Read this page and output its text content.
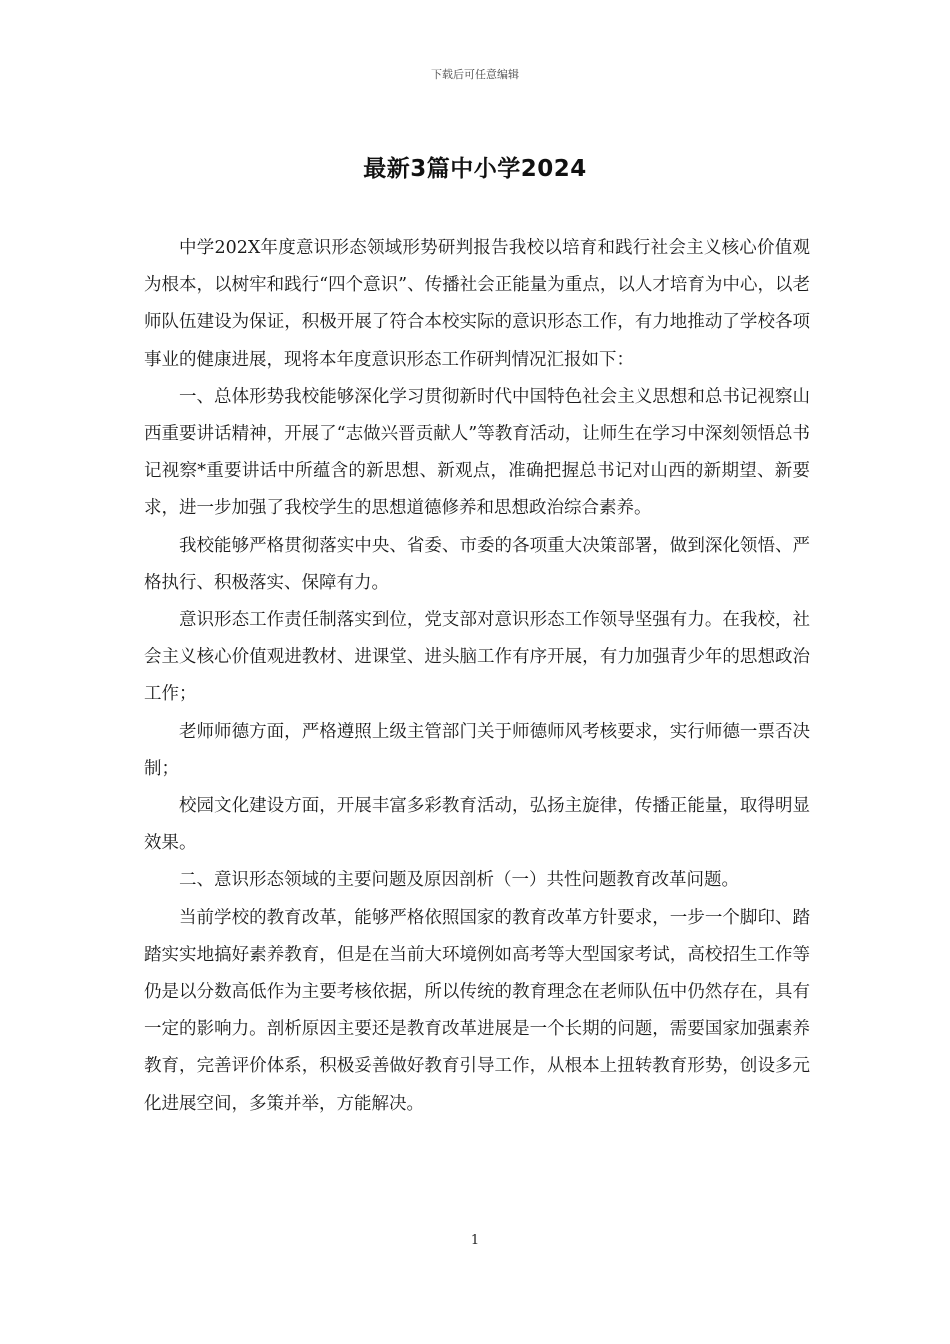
下载后可任意编辑
最新3篇中小学2024

中学202X年度意识形态领域形势研判报告我校以培育和践行社会主义核心价值观为根本，以树牢和践行“四个意识”、传播社会正能量为重点，以人才培育为中心，以老师队伍建设为保证，积极开展了符合本校实际的意识形态工作，有力地推动了学校各项事业的健康进展，现将本年度意识形态工作研判情况汇报如下：

一、总体形势我校能够深化学习贯彻新时代中国特色社会主义思想和总书记视察山西重要讲话精神，开展了“志做兴晋贡献人”等教育活动，让师生在学习中深刻领悟总书记视察*重要讲话中所蕴含的新思想、新观点，准确把握总书记对山西的新期望、新要求，进一步加强了我校学生的思想道德修养和思想政治综合素养。

我校能够严格贯彻落实中央、省委、市委的各项重大决策部署，做到深化领悟、严格执行、积极落实、保障有力。

意识形态工作责任制落实到位，党支部对意识形态工作领导坚强有力。在我校，社会主义核心价值观进教材、进课堂、进头脑工作有序开展，有力加强青少年的思想政治工作；

老师师德方面，严格遵照上级主管部门关于师德师风考核要求，实行师德一票否决制；

校园文化建设方面，开展丰富多彩教育活动，弘扬主旋律，传播正能量，取得明显效果。

二、意识形态领域的主要问题及原因剖析（一）共性问题教育改革问题。

当前学校的教育改革，能够严格依照国家的教育改革方针要求，一步一个脚印、踏踏实实地搞好素养教育，但是在当前大环境例如高考等大型国家考试，高校招生工作等仍是以分数高低作为主要考核依据，所以传统的教育理念在老师队伍中仍然存在，具有一定的影响力。剖析原因主要还是教育改革进展是一个长期的问题，需要国家加强素养教育，完善评价体系，积极妥善做好教育引导工作，从根本上扭转教育形势，创设多元化进展空间，多策并举，方能解决。

1
